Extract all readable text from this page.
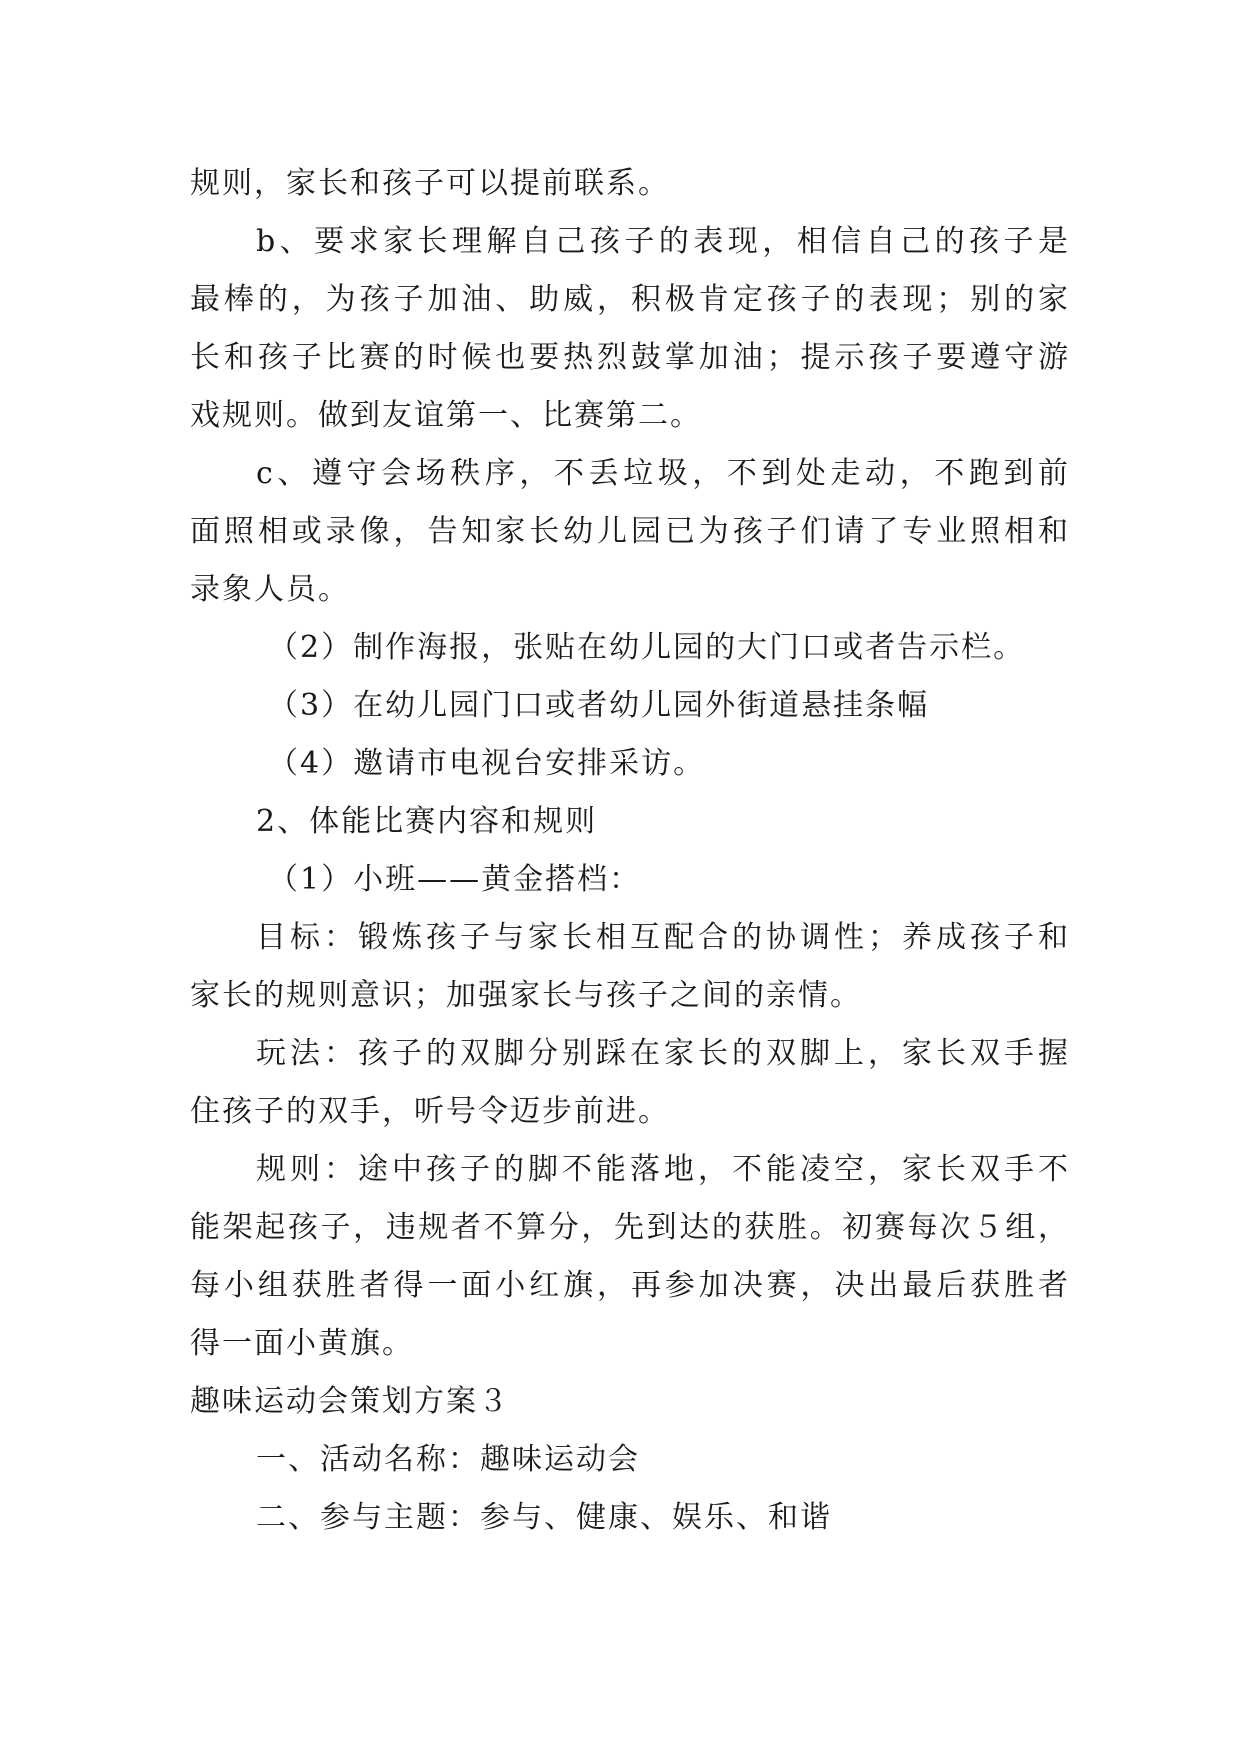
规则，家长和孩子可以提前联系。
b、要求家长理解自己孩子的表现，相信自己的孩子是
最棒的，为孩子加油、助威，积极肯定孩子的表现；别的家
长和孩子比赛的时候也要热烈鼓掌加油；提示孩子要遵守游
戏规则。做到友谊第一、比赛第二。
c、遵守会场秩序，不丢垃圾，不到处走动，不跑到前
面照相或录像，告知家长幼儿园已为孩子们请了专业照相和
录象人员。
（2）制作海报，张贴在幼儿园的大门口或者告示栏。
（3）在幼儿园门口或者幼儿园外街道悬挂条幅
（4）邀请市电视台安排采访。
2、体能比赛内容和规则
（1）小班——黄金搭档：
目标：锻炼孩子与家长相互配合的协调性；养成孩子和
家长的规则意识；加强家长与孩子之间的亲情。
玩法：孩子的双脚分别踩在家长的双脚上，家长双手握
住孩子的双手，听号令迈步前进。
规则：途中孩子的脚不能落地，不能凌空，家长双手不
能架起孩子，违规者不算分，先到达的获胜。初赛每次５组，
每小组获胜者得一面小红旗，再参加决赛，决出最后获胜者
得一面小黄旗。
趣味运动会策划方案３
一、活动名称：趣味运动会
二、参与主题：参与、健康、娱乐、和谐
